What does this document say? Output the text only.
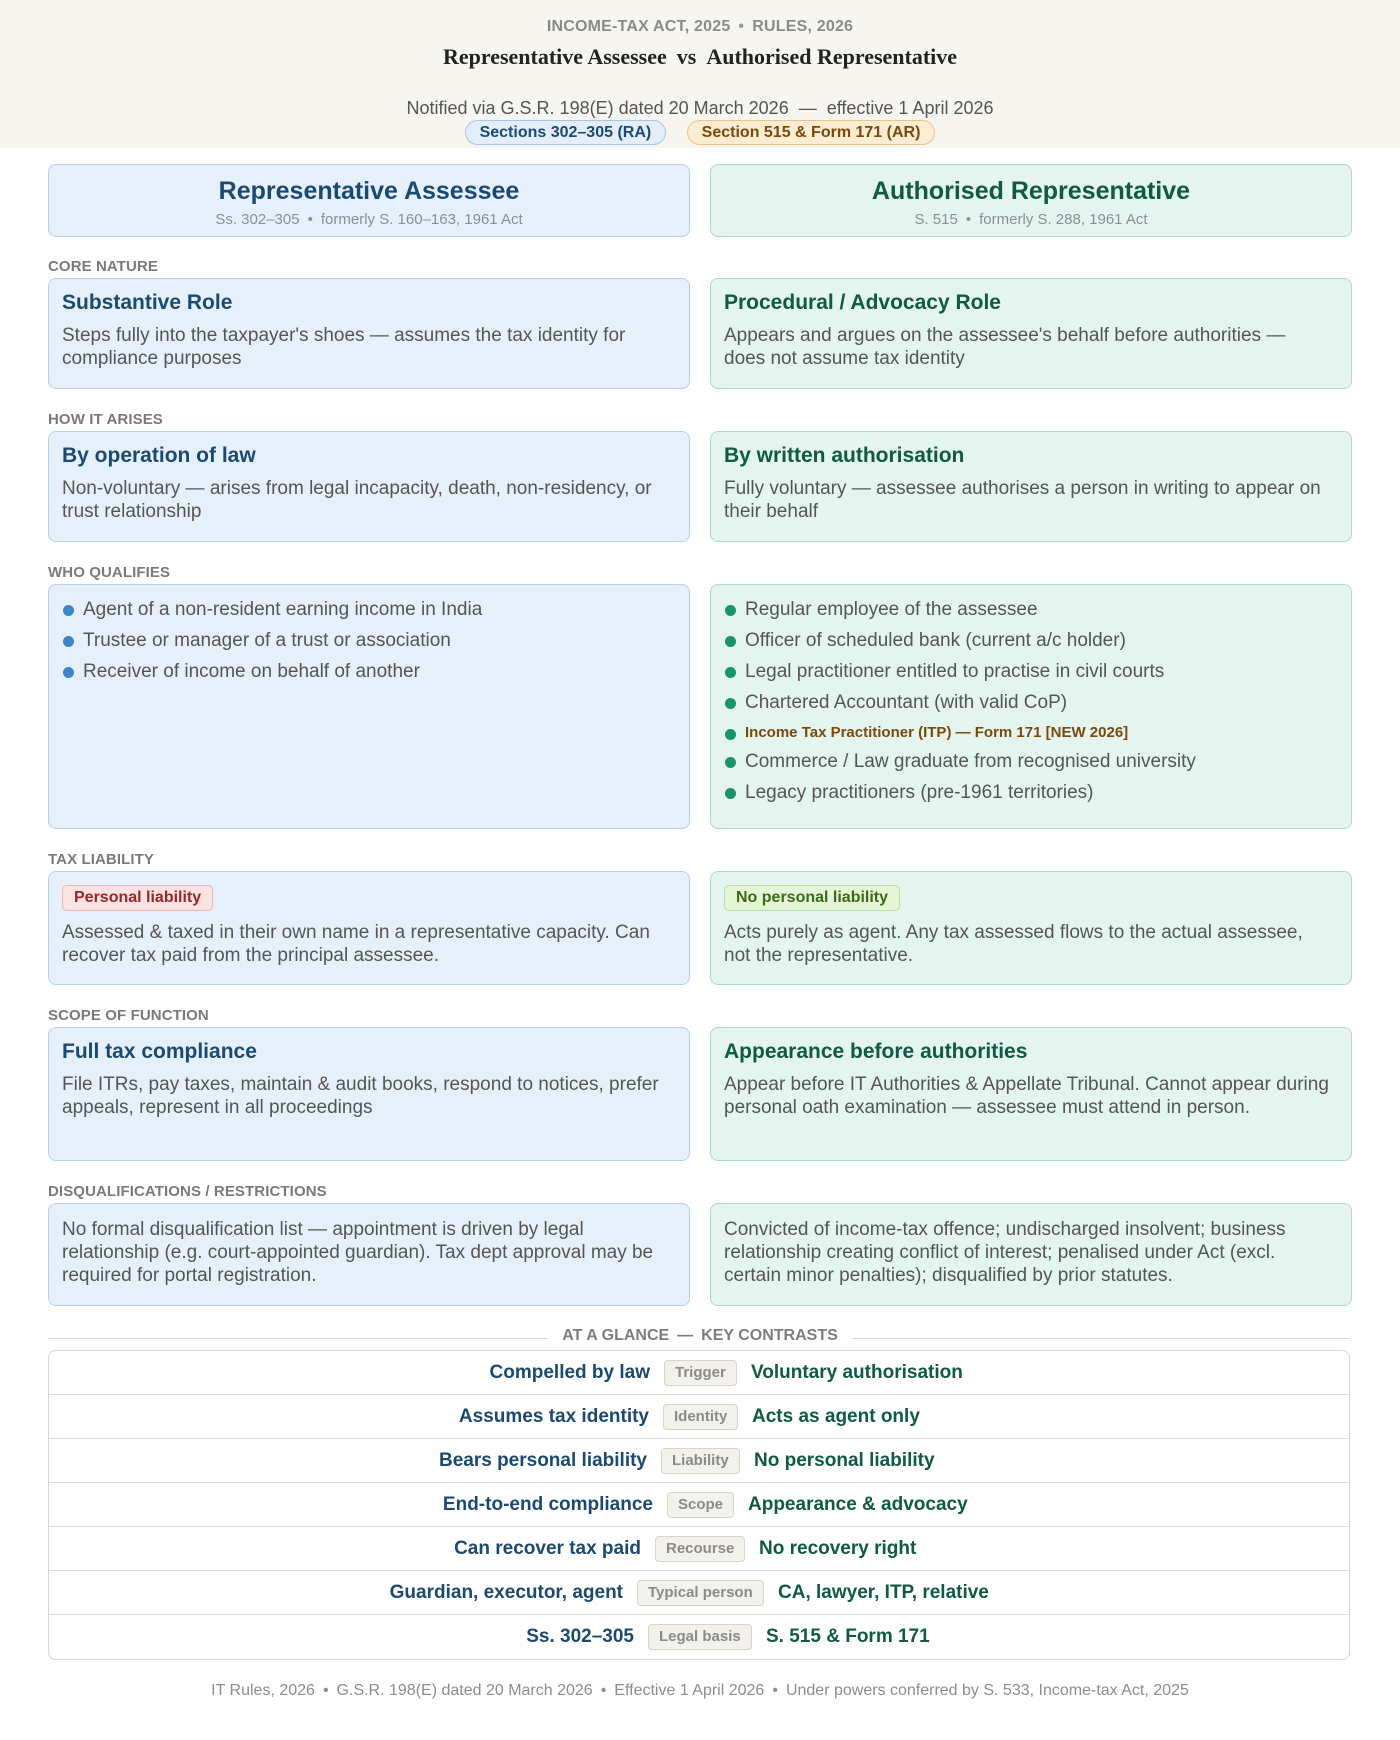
INCOME-TAX ACT, 2025 • RULES, 2026
Representative Assessee vs Authorised Representative
Notified via G.S.R. 198(E) dated 20 March 2026 — effective 1 April 2026
Sections 302–305 (RA)	Section 515 & Form 171 (AR)
Representative Assessee
Ss. 302–305 • formerly S. 160–163, 1961 Act
Authorised Representative
S. 515 • formerly S. 288, 1961 Act
CORE NATURE
Substantive Role
Steps fully into the taxpayer's shoes — assumes the tax identity for compliance purposes
Procedural / Advocacy Role
Appears and argues on the assessee's behalf before authorities — does not assume tax identity
HOW IT ARISES
By operation of law
Non-voluntary — arises from legal incapacity, death, non-residency, or trust relationship
By written authorisation
Fully voluntary — assessee authorises a person in writing to appear on their behalf
WHO QUALIFIES
Agent of a non-resident earning income in India
Trustee or manager of a trust or association
Receiver of income on behalf of another
Regular employee of the assessee
Officer of scheduled bank (current a/c holder)
Legal practitioner entitled to practise in civil courts
Chartered Accountant (with valid CoP)
Income Tax Practitioner (ITP) — Form 171 [NEW 2026]
Commerce / Law graduate from recognised university
Legacy practitioners (pre-1961 territories)
TAX LIABILITY
Personal liability
Assessed & taxed in their own name in a representative capacity. Can recover tax paid from the principal assessee.
No personal liability
Acts purely as agent. Any tax assessed flows to the actual assessee, not the representative.
SCOPE OF FUNCTION
Full tax compliance
File ITRs, pay taxes, maintain & audit books, respond to notices, prefer appeals, represent in all proceedings
Appearance before authorities
Appear before IT Authorities & Appellate Tribunal. Cannot appear during personal oath examination — assessee must attend in person.
DISQUALIFICATIONS / RESTRICTIONS
No formal disqualification list — appointment is driven by legal relationship (e.g. court-appointed guardian). Tax dept approval may be required for portal registration.
Convicted of income-tax offence; undischarged insolvent; business relationship creating conflict of interest; penalised under Act (excl. certain minor penalties); disqualified by prior statutes.
AT A GLANCE — KEY CONTRASTS
Compelled by law	Trigger	Voluntary authorisation
Assumes tax identity	Identity	Acts as agent only
Bears personal liability	Liability	No personal liability
End-to-end compliance	Scope	Appearance & advocacy
Can recover tax paid	Recourse	No recovery right
Guardian, executor, agent	Typical person	CA, lawyer, ITP, relative
Ss. 302–305	Legal basis	S. 515 & Form 171
IT Rules, 2026 • G.S.R. 198(E) dated 20 March 2026 • Effective 1 April 2026 • Under powers conferred by S. 533, Income-tax Act, 2025
